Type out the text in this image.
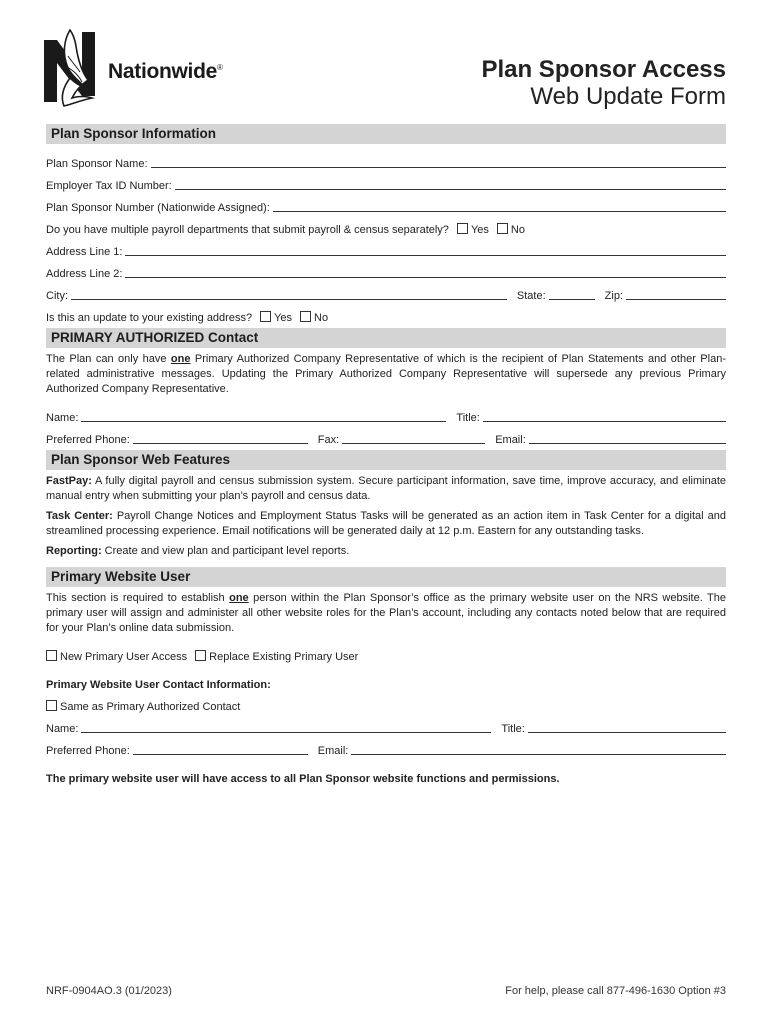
Nationwide®	Plan Sponsor Access
Web Update Form
Plan Sponsor Information
Plan Sponsor Name:
Employer Tax ID Number:
Plan Sponsor Number (Nationwide Assigned):
Do you have multiple payroll departments that submit payroll & census separately?	Yes	No
Address Line 1:
Address Line 2:
City:	State:	Zip:
Is this an update to your existing address?	Yes	No
PRIMARY AUTHORIZED Contact

The Plan can only have one Primary Authorized Company Representative of which is the recipient of Plan Statements and other Plan-related administrative messages. Updating the Primary Authorized Company Representative will supersede any previous Primary Authorized Company Representative.

Name:	Title:
Preferred Phone:	Fax:	Email:
Plan Sponsor Web Features

FastPay: A fully digital payroll and census submission system. Secure participant information, save time, improve accuracy, and eliminate manual entry when submitting your plan’s payroll and census data.

Task Center: Payroll Change Notices and Employment Status Tasks will be generated as an action item in Task Center for a digital and streamlined processing experience. Email notifications will be generated daily at 12 p.m. Eastern for any outstanding tasks.

Reporting: Create and view plan and participant level reports.

Primary Website User

This section is required to establish one person within the Plan Sponsor’s office as the primary website user on the NRS website. The primary user will assign and administer all other website roles for the Plan’s account, including any contacts noted below that are required for your Plan’s online data submission.

New Primary User Access	Replace Existing Primary User
Primary Website User Contact Information:
Same as Primary Authorized Contact
Name:	Title:
Preferred Phone:	Email:
The primary website user will have access to all Plan Sponsor website functions and permissions.
NRF-0904AO.3 (01/2023)	For help, please call 877-496-1630 Option #3
